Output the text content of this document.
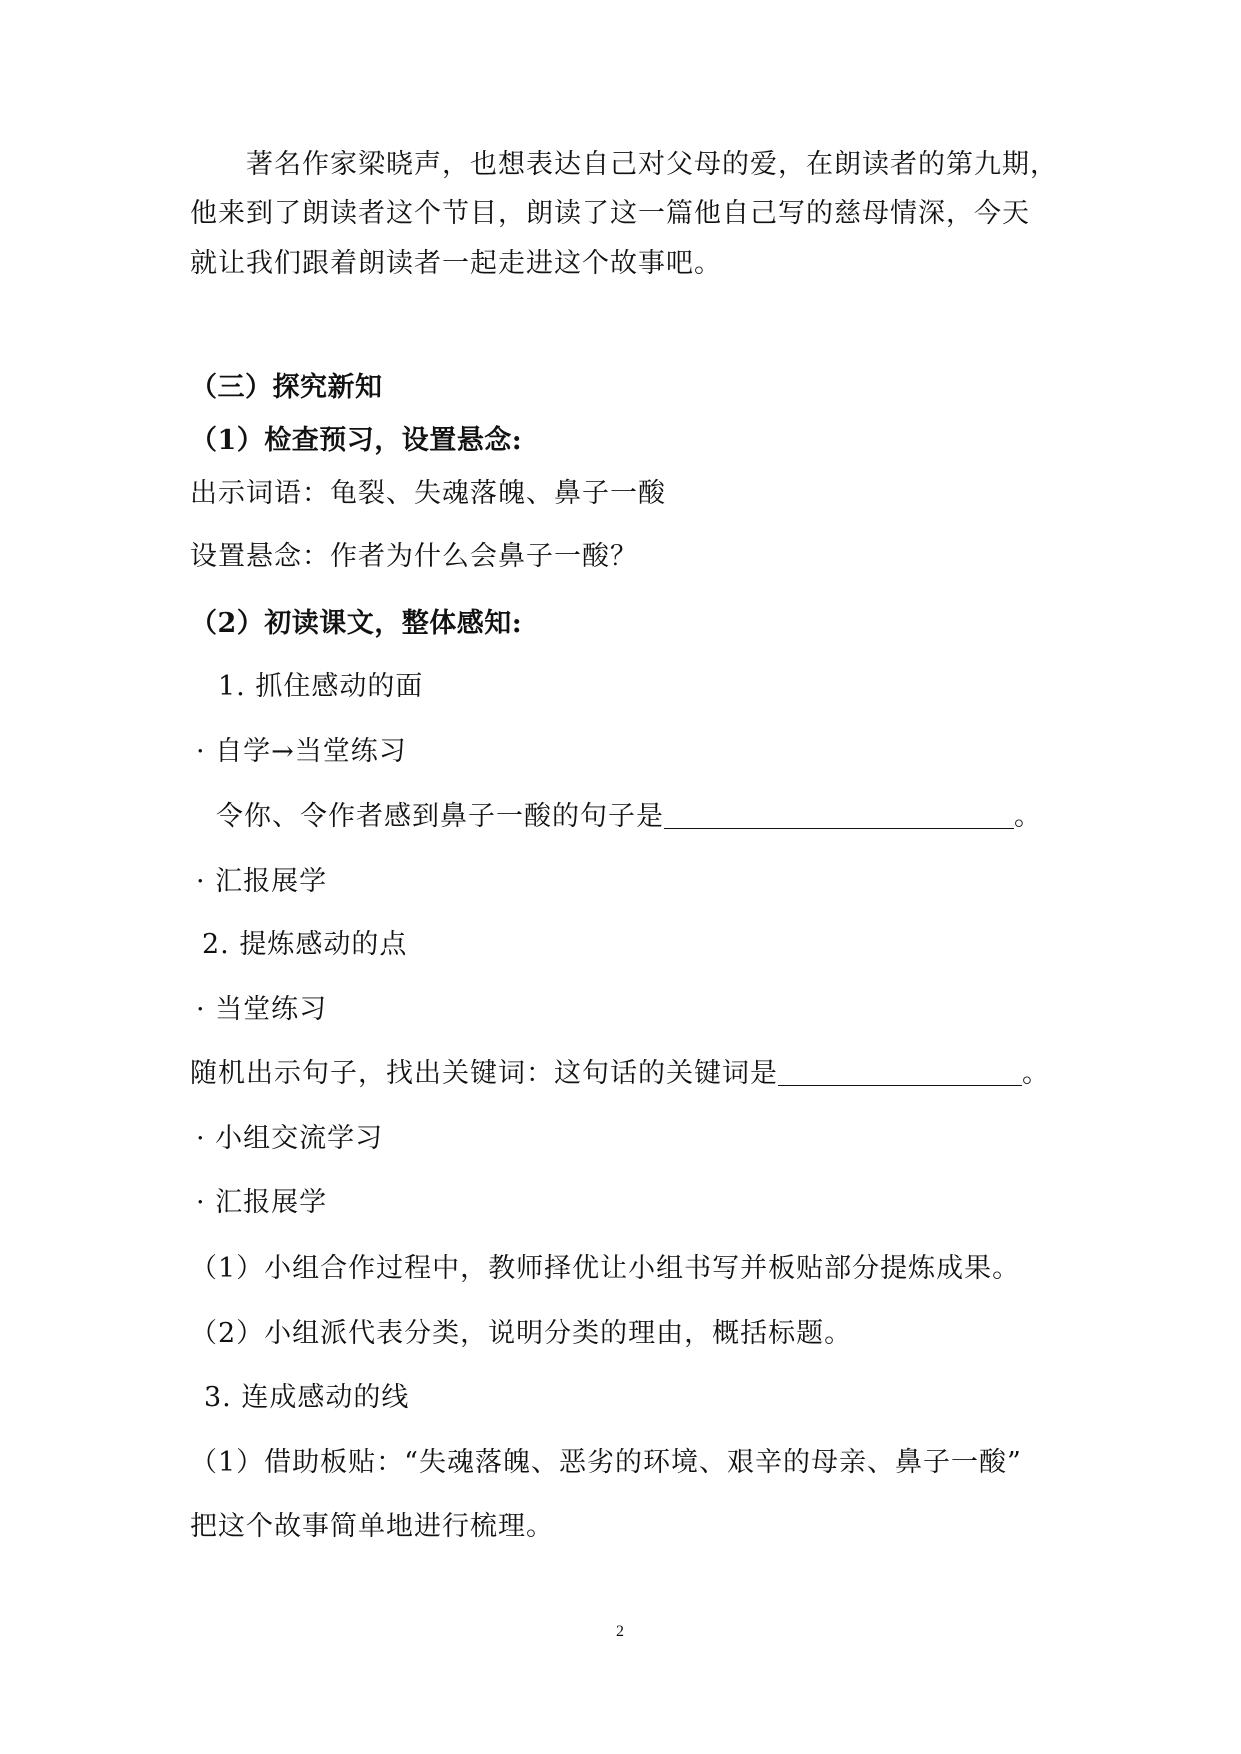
著名作家梁晓声，也想表达自己对父母的爱，在朗读者的第九期，
他来到了朗读者这个节目，朗读了这一篇他自己写的慈母情深，今天
就让我们跟着朗读者一起走进这个故事吧。
（三）探究新知
（1）检查预习，设置悬念:
出示词语：龟裂、失魂落魄、鼻子一酸
设置悬念：作者为什么会鼻子一酸？
（2）初读课文，整体感知:
1. 抓住感动的面
· 自学→当堂练习
令你、令作者感到鼻子一酸的句子是	。
· 汇报展学
2. 提炼感动的点
· 当堂练习
随机出示句子，找出关键词：这句话的关键词是	。
· 小组交流学习
· 汇报展学
（1）小组合作过程中，教师择优让小组书写并板贴部分提炼成果。
（2）小组派代表分类，说明分类的理由，概括标题。
3. 连成感动的线
（1）借助板贴：“失魂落魄、恶劣的环境、艰辛的母亲、鼻子一酸”
把这个故事简单地进行梳理。
2
